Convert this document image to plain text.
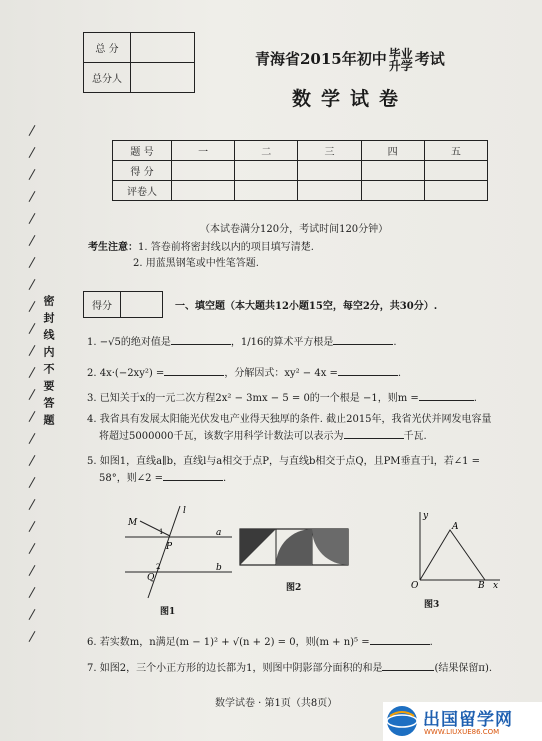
总 分	
总分人	
青海省2015年初中 毕业
升学 考试
数学试卷
题 号	一	二	三	四	五
得 分					
评卷人					
（本试卷满分120分，考试时间120分钟）
考生注意：1. 答卷前将密封线以内的项目填写清楚.
2. 用蓝黑钢笔或中性笔答题.
密封线内不要答题	得分		一、填空题（本大题共12小题15空，每空2分，共30分）.
1. −√5的绝对值是	，1/16的算术平方根是	.
2. 4x·(−2xy²) =	，分解因式：xy² − 4x =	.
3. 已知关于x的一元二次方程2x² − 3mx − 5 = 0的一个根是 −1，则m =	.
4. 我省具有发展太阳能光伏发电产业得天独厚的条件. 截止2015年，我省光伏并网发电容量
将超过5000000千瓦，该数字用科学计数法可以表示为	千瓦.
5. 如图1，直线a∥b，直线l与a相交于点P，与直线b相交于点Q，且PM垂直于l，若∠1 =
58°，则∠2 =	.
M
l
P
a
b
Q
1
2
图1
图2
y
A
O	B x
图3
6. 若实数m，n满足(m − 1)² + √(n + 2) = 0，则(m + n)⁵ =	.
7. 如图2，三个小正方形的边长都为1，则图中阴影部分面积的和是	(结果保留π).
数学试卷 · 第1页（共8页）
出国留学网
WWW.LIUXUE86.COM
